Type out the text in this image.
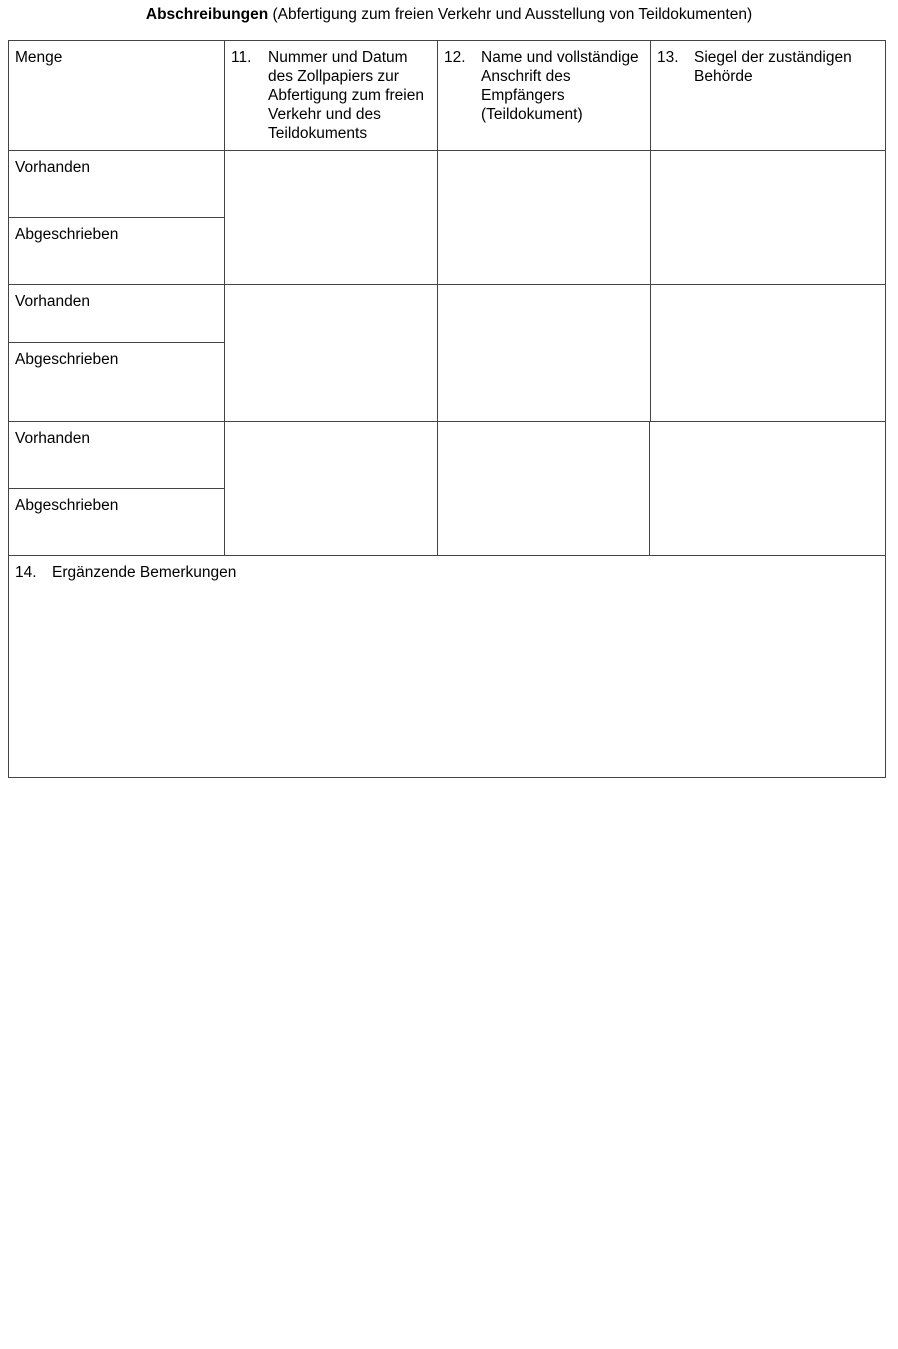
Abschreibungen (Abfertigung zum freien Verkehr und Ausstellung von Teildokumenten)
Menge	11.	Nummer und Datum des Zollpapiers zur Abfertigung zum freien Verkehr und des Teildokuments
12. Name und vollständige Anschrift des Empfängers (Teildokument)
13. Siegel der zuständigen Behörde
Vorhanden
Abgeschrieben
Vorhanden
Abgeschrieben
Vorhanden
Abgeschrieben
14. Ergänzende Bemerkungen
